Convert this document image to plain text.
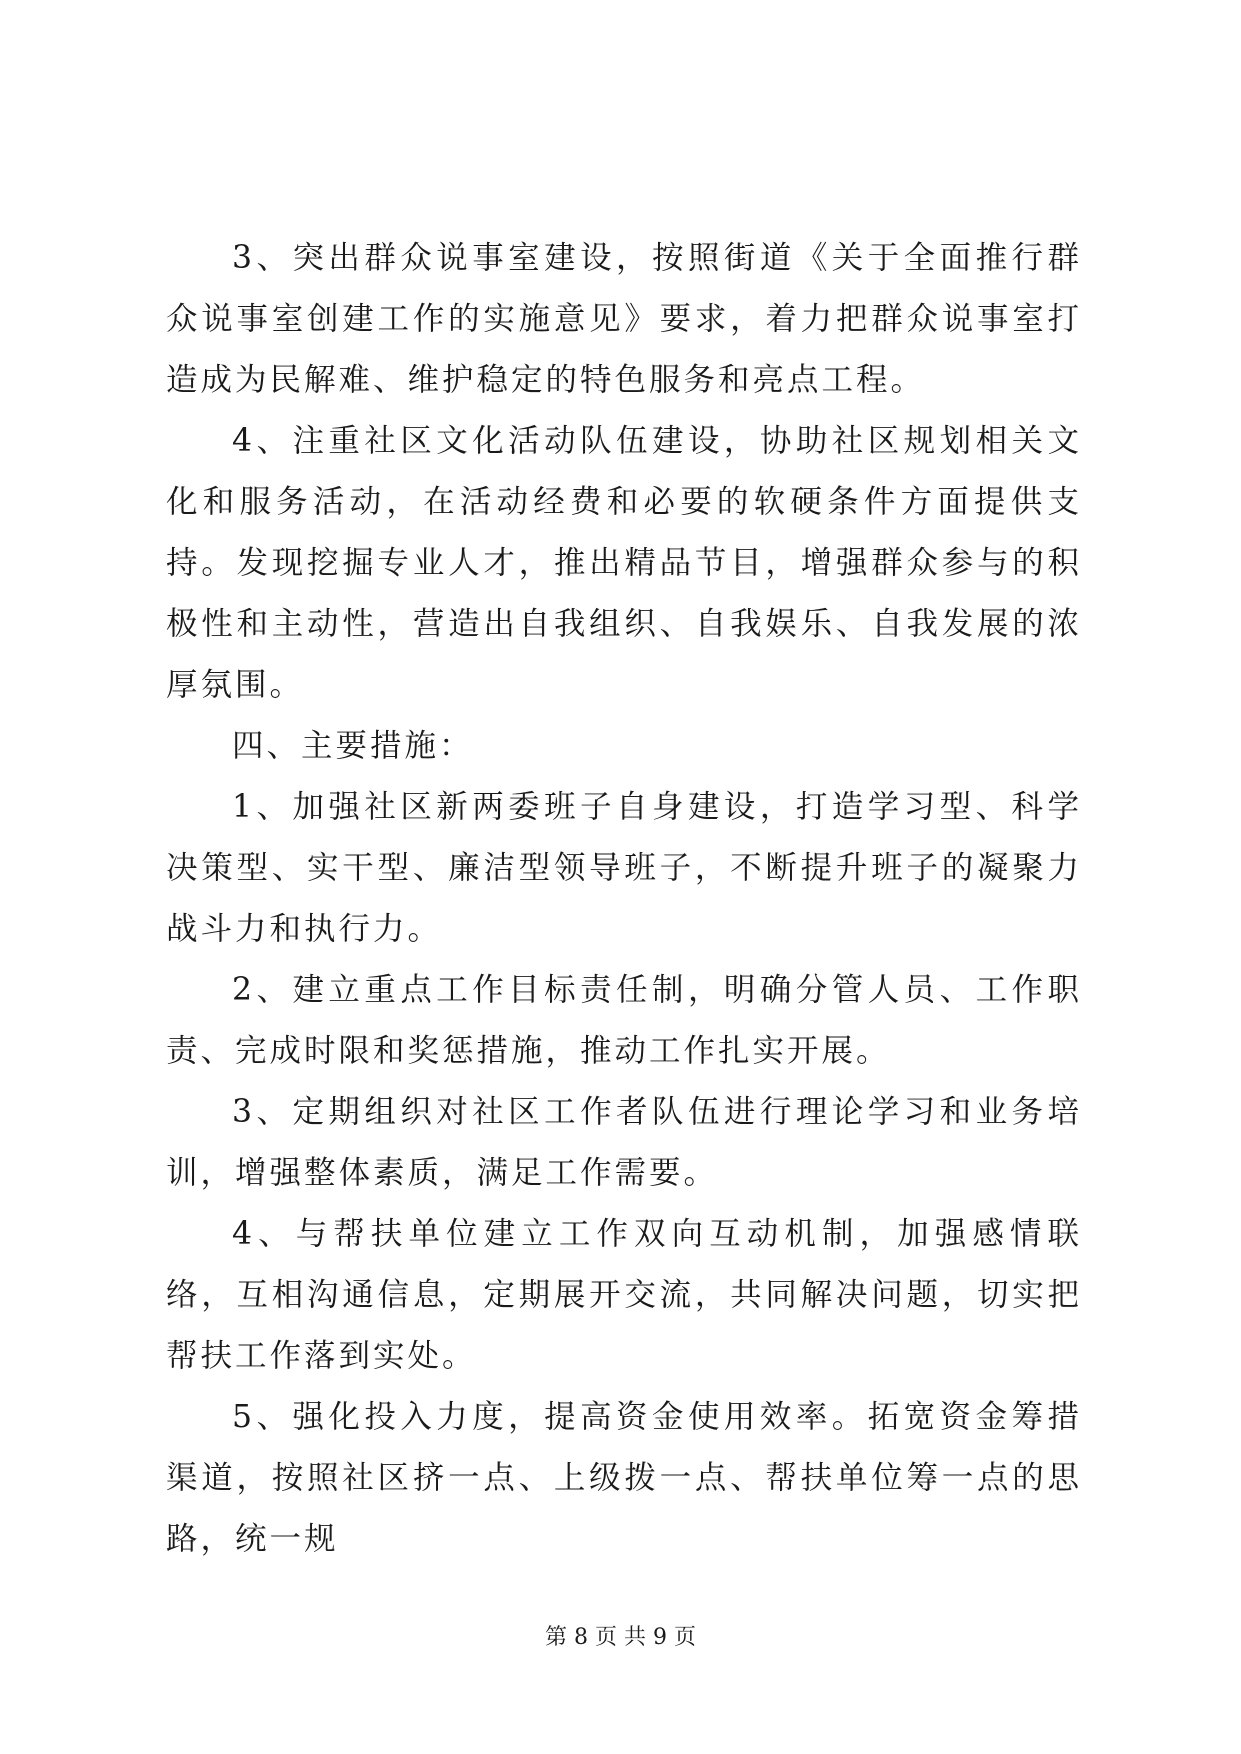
3、突出群众说事室建设，按照街道《关于全面推行群众说事室创建工作的实施意见》要求，着力把群众说事室打造成为民解难、维护稳定的特色服务和亮点工程。

4、注重社区文化活动队伍建设，协助社区规划相关文化和服务活动，在活动经费和必要的软硬条件方面提供支持。发现挖掘专业人才，推出精品节目，增强群众参与的积极性和主动性，营造出自我组织、自我娱乐、自我发展的浓厚氛围。

四、主要措施：

1、加强社区新两委班子自身建设，打造学习型、科学决策型、实干型、廉洁型领导班子，不断提升班子的凝聚力战斗力和执行力。

2、建立重点工作目标责任制，明确分管人员、工作职责、完成时限和奖惩措施，推动工作扎实开展。

3、定期组织对社区工作者队伍进行理论学习和业务培训，增强整体素质，满足工作需要。

4、与帮扶单位建立工作双向互动机制，加强感情联络，互相沟通信息，定期展开交流，共同解决问题，切实把帮扶工作落到实处。

5、强化投入力度，提高资金使用效率。拓宽资金筹措渠道，按照社区挤一点、上级拨一点、帮扶单位筹一点的思路，统一规

第 8 页 共 9 页
